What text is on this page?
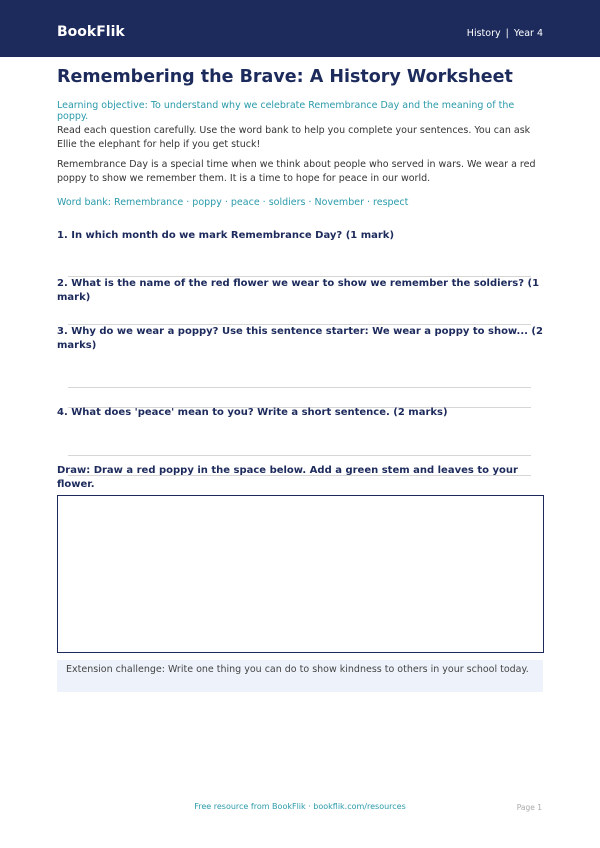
BookFlik	History | Year 4
Remembering the Brave: A History Worksheet
Learning objective: To understand why we celebrate Remembrance Day and the meaning of the poppy.
Read each question carefully. Use the word bank to help you complete your sentences. You can ask Ellie the elephant for help if you get stuck!
Remembrance Day is a special time when we think about people who served in wars. We wear a red poppy to show we remember them. It is a time to hope for peace in our world.
Word bank: Remembrance · poppy · peace · soldiers · November · respect
1. In which month do we mark Remembrance Day? (1 mark)
2. What is the name of the red flower we wear to show we remember the soldiers? (1 mark)
3. Why do we wear a poppy? Use this sentence starter: We wear a poppy to show... (2 marks)
4. What does 'peace' mean to you? Write a short sentence. (2 marks)
Draw: Draw a red poppy in the space below. Add a green stem and leaves to your flower.
Extension challenge: Write one thing you can do to show kindness to others in your school today.
Free resource from BookFlik · bookflik.com/resources	Page 1
